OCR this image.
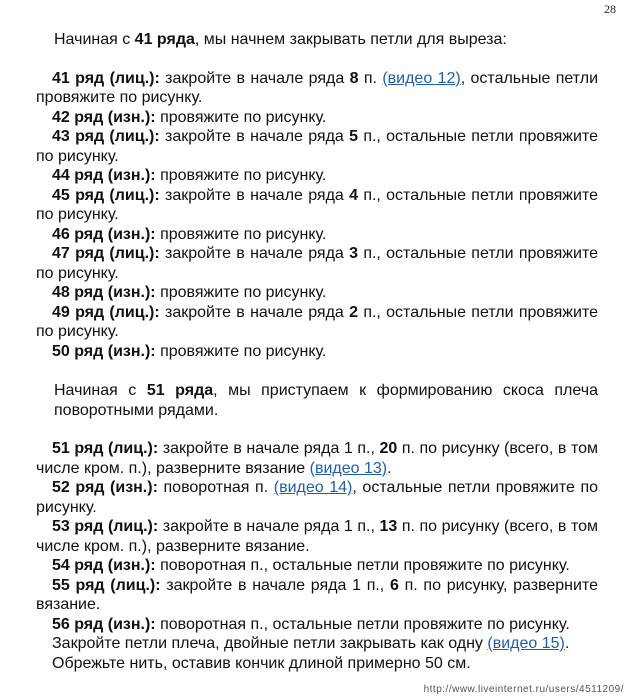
28

Начиная с 41 ряда, мы начнем закрывать петли для выреза:

41 ряд (лиц.): закройте в начале ряда 8 п. (видео 12), остальные петли провяжите по рисунку.

42 ряд (изн.): провяжите по рисунку.

43 ряд (лиц.): закройте в начале ряда 5 п., остальные петли провяжите по рисунку.

44 ряд (изн.): провяжите по рисунку.

45 ряд (лиц.): закройте в начале ряда 4 п., остальные петли провяжите по рисунку.

46 ряд (изн.): провяжите по рисунку.

47 ряд (лиц.): закройте в начале ряда 3 п., остальные петли провяжите по рисунку.

48 ряд (изн.): провяжите по рисунку.

49 ряд (лиц.): закройте в начале ряда 2 п., остальные петли провяжите по рисунку.

50 ряд (изн.): провяжите по рисунку.

Начиная с 51 ряда, мы приступаем к формированию скоса плеча поворотными рядами.

51 ряд (лиц.): закройте в начале ряда 1 п., 20 п. по рисунку (всего, в том числе кром. п.), разверните вязание (видео 13).

52 ряд (изн.): поворотная п. (видео 14), остальные петли провяжите по рисунку.

53 ряд (лиц.): закройте в начале ряда 1 п., 13 п. по рисунку (всего, в том числе кром. п.), разверните вязание.

54 ряд (изн.): поворотная п., остальные петли провяжите по рисунку.

55 ряд (лиц.): закройте в начале ряда 1 п., 6 п. по рисунку, разверните вязание.

56 ряд (изн.): поворотная п., остальные петли провяжите по рисунку.

Закройте петли плеча, двойные петли закрывать как одну (видео 15).

Обрежьте нить, оставив кончик длиной примерно 50 см.

http://www.liveinternet.ru/users/4511209/
